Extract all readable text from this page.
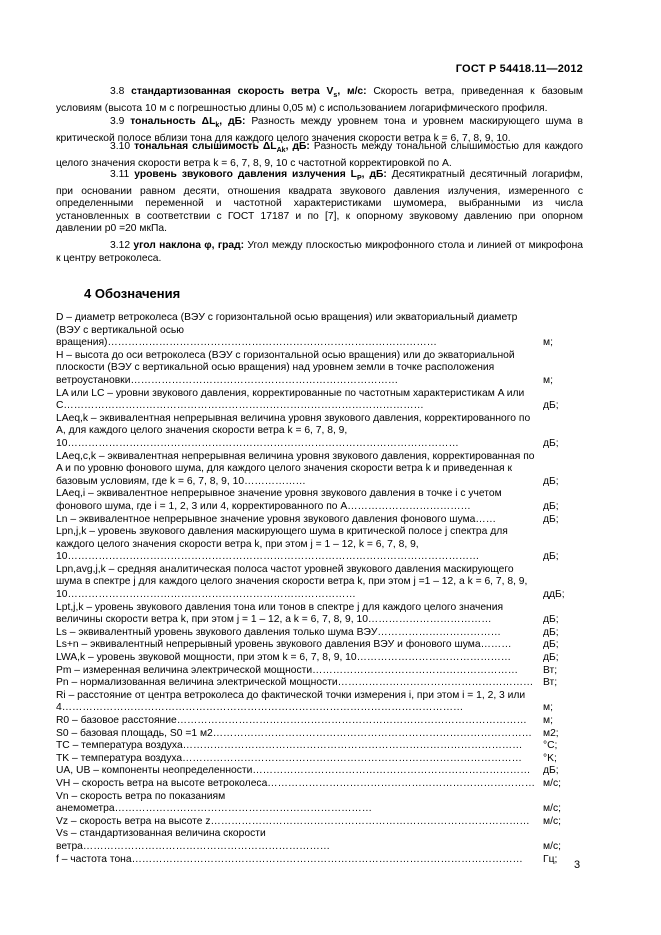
ГОСТ Р 54418.11—2012
3.8 стандартизованная скорость ветра $V_s$, м/с: Скорость ветра, приведенная к базовым условиям (высота 10 м с погрешностью длины 0,05 м) с использованием логарифмического профиля.
3.9 тональность $\Delta L_k$, дБ: Разность между уровнем тона и уровнем маскирующего шума в критической полосе вблизи тона для каждого целого значения скорости ветра k = 6, 7, 8, 9, 10.
3.10 тональная слышимость $\Delta L_{Ak}$, дБ: Разность между тональной слышимостью для каждого целого значения скорости ветра k = 6, 7, 8, 9, 10 с частотной корректировкой по A.
3.11 уровень звукового давления излучения $L_P$, дБ: Десятикратный десятичный логарифм, при основании равном десяти, отношения квадрата звукового давления излучения, измеренного с определенными переменной и частотной характеристиками шумомера, выбранными из числа установленных в соответствии с ГОСТ 17187 и по [7], к опорному звуковому давлению при опорном давлении p0 =20 мкПа.
3.12 угол наклона φ, град: Угол между плоскостью микрофонного стола и линией от микрофона к центру ветроколеса.
4 Обозначения
D – диаметр ветроколеса (ВЭУ с горизонтальной осью вращения) или экваториальный диаметр (ВЭУ с вертикальной осью вращения)……………………………………………………………………………………	м;
H – высота до оси ветроколеса (ВЭУ с горизонтальной осью вращения) или до экваториальной плоскости (ВЭУ с вертикальной осью вращения) над уровнем земли в точке расположения ветроустановки……………………………………………………………………	м;
LA или LC – уровни звукового давления, корректированные по частотным характеристикам A или C……………………………………………………………………………………………	дБ;
LAeq,k – эквивалентная непрерывная величина уровня звукового давления, корректированного по A, для каждого целого значения скорости ветра k = 6, 7, 8, 9, 10……………………………………………………………………………………………………	дБ;
LAeq,c,k – эквивалентная непрерывная величина уровня звукового давления, корректированная по A и по уровню фонового шума, для каждого целого значения скорости ветра k и приведенная к базовым условиям, где k = 6, 7, 8, 9, 10………………	дБ;
LAeq,i – эквивалентное непрерывное значение уровня звукового давления в точке i с учетом фонового шума, где i = 1, 2, 3 или 4, корректированного по A………………………………	дБ;
Ln – эквивалентное непрерывное значение уровня звукового давления фонового шума……	дБ;
Lpn,j,k – уровень звукового давления маскирующего шума в критической полосе j спектра для каждого целого значения скорости ветра k, при этом j = 1 – 12, k = 6, 7, 8, 9, 10…………………………………………………………………………………………………………	дБ;
Lpn,avg,j,k – средняя аналитическая полоса частот уровней звукового давления маскирующего шума в спектре j для каждого целого значения скорости ветра k, при этом j =1 – 12, а k = 6, 7, 8, 9, 10…………………………………………………………………………	ддБ;
Lpt,j,k – уровень звукового давления тона или тонов в спектре j для каждого целого значения величины скорости ветра k, при этом j = 1 – 12, а k = 6, 7, 8, 9, 10………………………………	дБ;
Ls – эквивалентный уровень звукового давления только шума ВЭУ………………………………	дБ;
Ls+n – эквивалентный непрерывный уровень звукового давления ВЭУ и фонового шума………	дБ;
LWA,k – уровень звуковой мощности, при этом k = 6, 7, 8, 9, 10………………………………………	дБ;
Pm – измеренная величина электрической мощности……………………………………………………	Вт;
Pn – нормализованная величина электрической мощности………………………………………………… Вт;
Ri – расстояние от центра ветроколеса до фактической точки измерения i, при этом i = 1, 2, 3 или 4………………………………………………………………………………………………………	м;
R0 – базовое расстояние…………………………………………………………………………………………	м;
S0 – базовая площадь, S0 =1 м2…………………………………………………………………………………	м2;
TC – температура воздуха………………………………………………………………………………………	°C;
TK – температура воздуха………………………………………………………………………………………	°K;
UA, UB – компоненты неопределенности………………………………………………………………………	дБ;
VH – скорость ветра на высоте ветроколеса…………………………………………………………………… м/с;
Vn – скорость ветра по показаниям анемометра…………………………………………………………………	м/с;
Vz – скорость ветра на высоте z…………………………………………………………………………………	м/с;
Vs – стандартизованная величина скорости ветра………………………………………………………………	м/с;
f – частота тона……………………………………………………………………………………………………	Гц;	3
